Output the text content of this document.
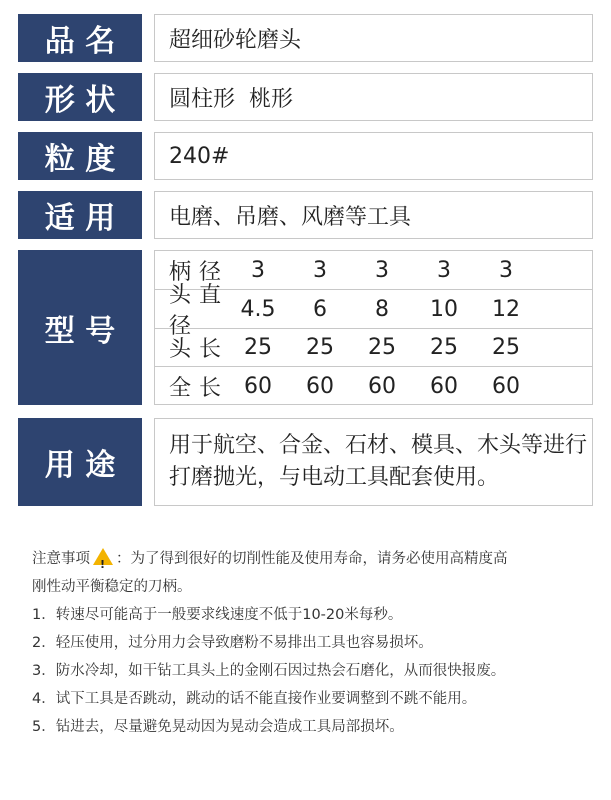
品 名	超细砂轮磨头
形 状	圆柱形  桃形
粒 度	240#
适 用	电磨、吊磨、风磨等工具
型 号
柄 径	3	3	3	3	3
头直径
4.5	6	8	10	12
头 长	25	25	25	25	25
全 长	60	60	60	60	60
用 途
用于航空、合金、石材、模具、木头等进行
打磨抛光，与电动工具配套使用。
注意事项! ：为了得到很好的切削性能及使用寿命，请务必使用高精度高
刚性动平衡稳定的刀柄。
1．转速尽可能高于一般要求线速度不低于10-20米每秒。
2．轻压使用，过分用力会导致磨粉不易排出工具也容易损坏。
3．防水冷却，如干钻工具头上的金刚石因过热会石磨化，从而很快报废。
4．试下工具是否跳动，跳动的话不能直接作业要调整到不跳不能用。
5．钻进去，尽量避免晃动因为晃动会造成工具局部损坏。
